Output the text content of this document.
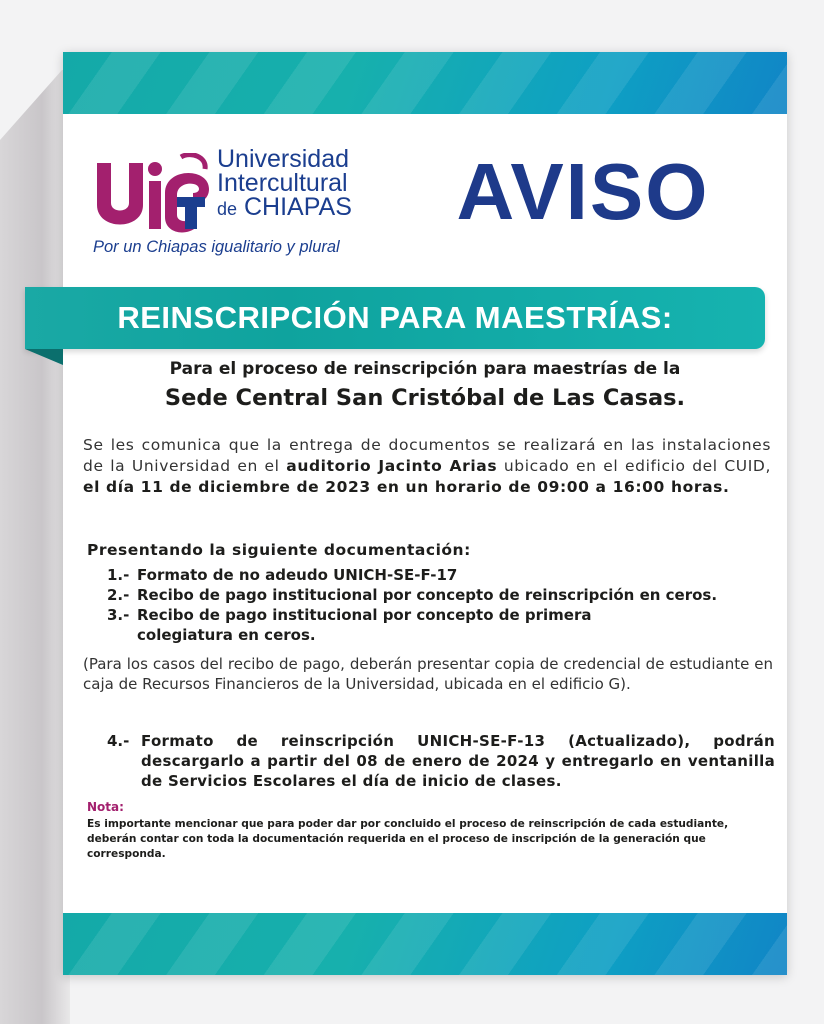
Universidad
Intercultural
de CHIAPAS
Por un Chiapas igualitario y plural
AVISO
REINSCRIPCIÓN PARA MAESTRÍAS:
Para el proceso de reinscripción para maestrías de la
Sede Central San Cristóbal de Las Casas.
Se les comunica que la entrega de documentos se realizará en las instalaciones de la Universidad en el auditorio Jacinto Arias ubicado en el edificio del CUID, el día 11 de diciembre de 2023 en un horario de 09:00 a 16:00 horas.
Presentando la siguiente documentación:
1.- Formato de no adeudo UNICH-SE-F-17
2.- Recibo de pago institucional por concepto de reinscripción en ceros.
3.- Recibo de pago institucional por concepto de primera colegiatura en ceros.
(Para los casos del recibo de pago, deberán presentar copia de credencial de estudiante en caja de Recursos Financieros de la Universidad, ubicada en el edificio G).
4.- Formato de reinscripción UNICH-SE-F-13 (Actualizado), podrán descargarlo a partir del 08 de enero de 2024 y entregarlo en ventanilla de Servicios Escolares el día de inicio de clases.
Nota:
Es importante mencionar que para poder dar por concluido el proceso de reinscripción de cada estudiante, deberán contar con toda la documentación requerida en el proceso de inscripción de la generación que corresponda.
